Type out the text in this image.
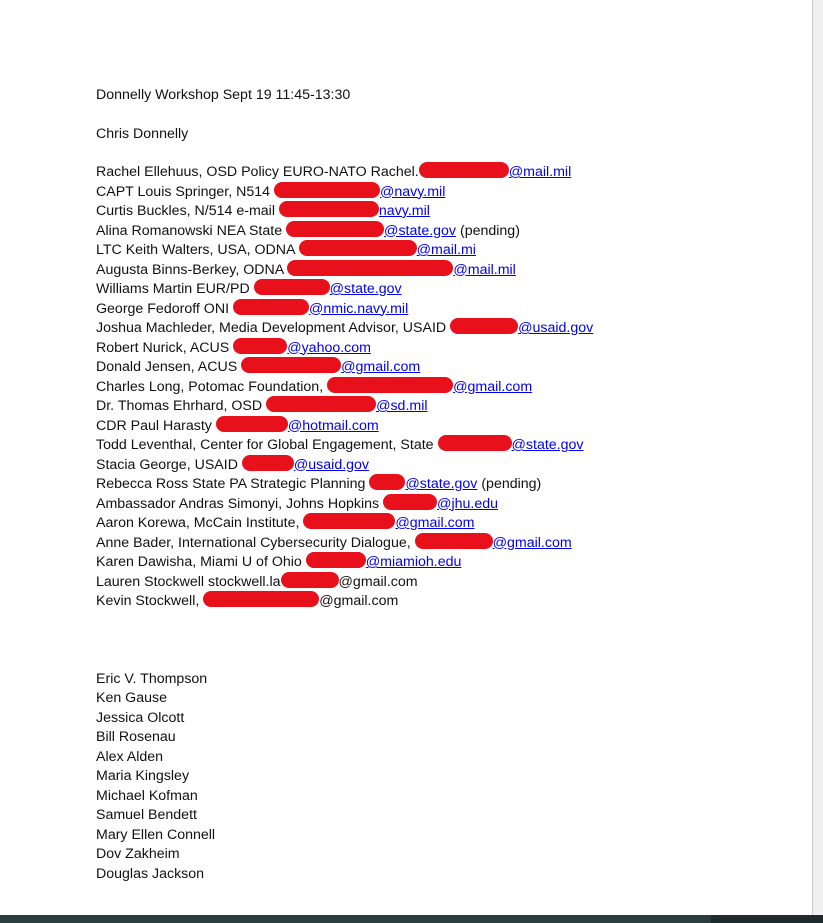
Donnelly Workshop Sept 19 11:45-13:30
Chris Donnelly
Rachel Ellehuus, OSD Policy EURO-NATO Rachel.	@mail.mil
CAPT Louis Springer, N514	@navy.mil
Curtis Buckles, N/514 e-mail	navy.mil
Alina Romanowski NEA State	@state.gov (pending)
LTC Keith Walters, USA, ODNA	@mail.mi
Augusta Binns-Berkey, ODNA	@mail.mil
Williams Martin EUR/PD	@state.gov
George Fedoroff ONI	@nmic.navy.mil
Joshua Machleder, Media Development Advisor, USAID	@usaid.gov
Robert Nurick, ACUS	@yahoo.com
Donald Jensen, ACUS	@gmail.com
Charles Long, Potomac Foundation,	@gmail.com
Dr. Thomas Ehrhard, OSD	@sd.mil
CDR Paul Harasty	@hotmail.com
Todd Leventhal, Center for Global Engagement, State	@state.gov
Stacia George, USAID	@usaid.gov
Rebecca Ross State PA Strategic Planning	@state.gov (pending)
Ambassador Andras Simonyi, Johns Hopkins	@jhu.edu
Aaron Korewa, McCain Institute,	@gmail.com
Anne Bader, International Cybersecurity Dialogue,	@gmail.com
Karen Dawisha, Miami U of Ohio	@miamioh.edu
Lauren Stockwell stockwell.la	@gmail.com
Kevin Stockwell,	@gmail.com
Eric V. Thompson
Ken Gause
Jessica Olcott
Bill Rosenau
Alex Alden
Maria Kingsley
Michael Kofman
Samuel Bendett
Mary Ellen Connell
Dov Zakheim
Douglas Jackson
